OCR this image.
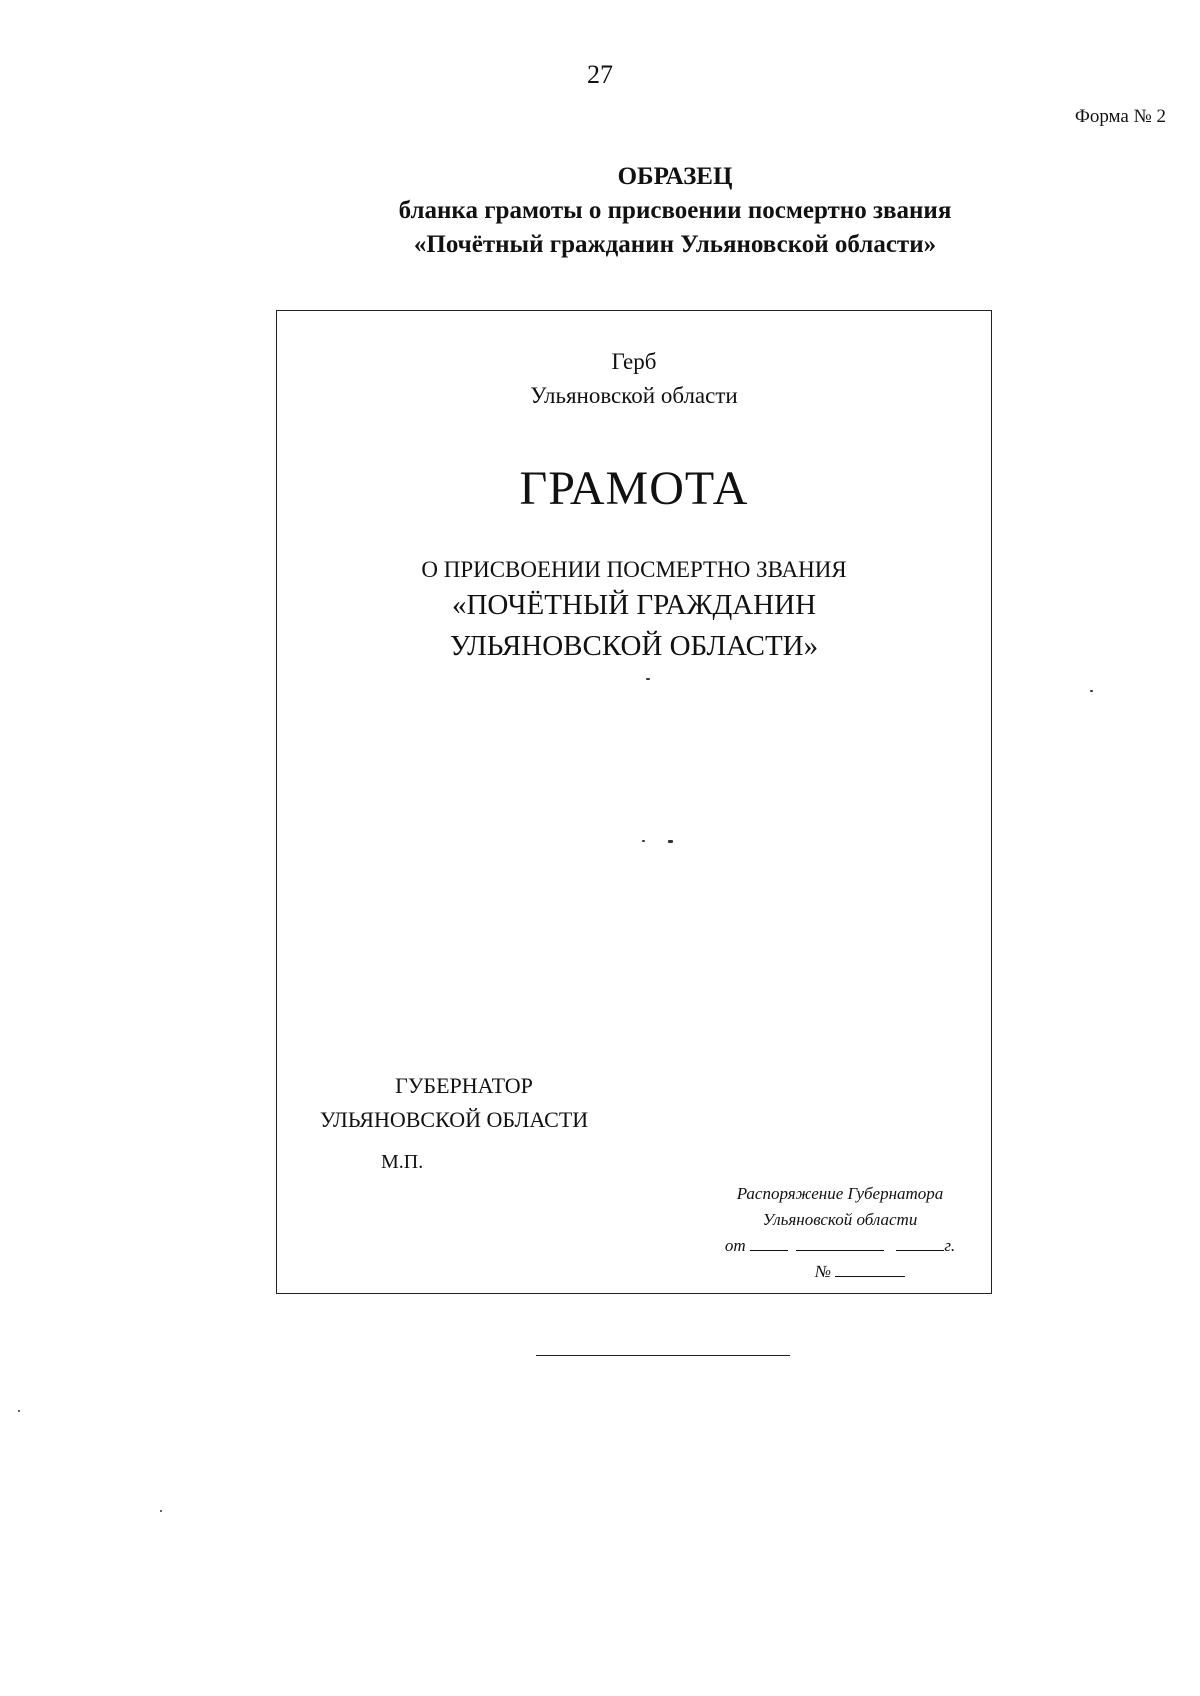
27
Форма № 2
ОБРАЗЕЦ
бланка грамоты о присвоении посмертно звания
«Почётный гражданин Ульяновской области»
Герб
Ульяновской области
ГРАМОТА
О ПРИСВОЕНИИ ПОСМЕРТНО ЗВАНИЯ
«ПОЧЁТНЫЙ ГРАЖДАНИН
УЛЬЯНОВСКОЙ ОБЛАСТИ»
ГУБЕРНАТОР
УЛЬЯНОВСКОЙ ОБЛАСТИ
М.П.
Распоряжение Губернатора
Ульяновской области
от	г.
№
